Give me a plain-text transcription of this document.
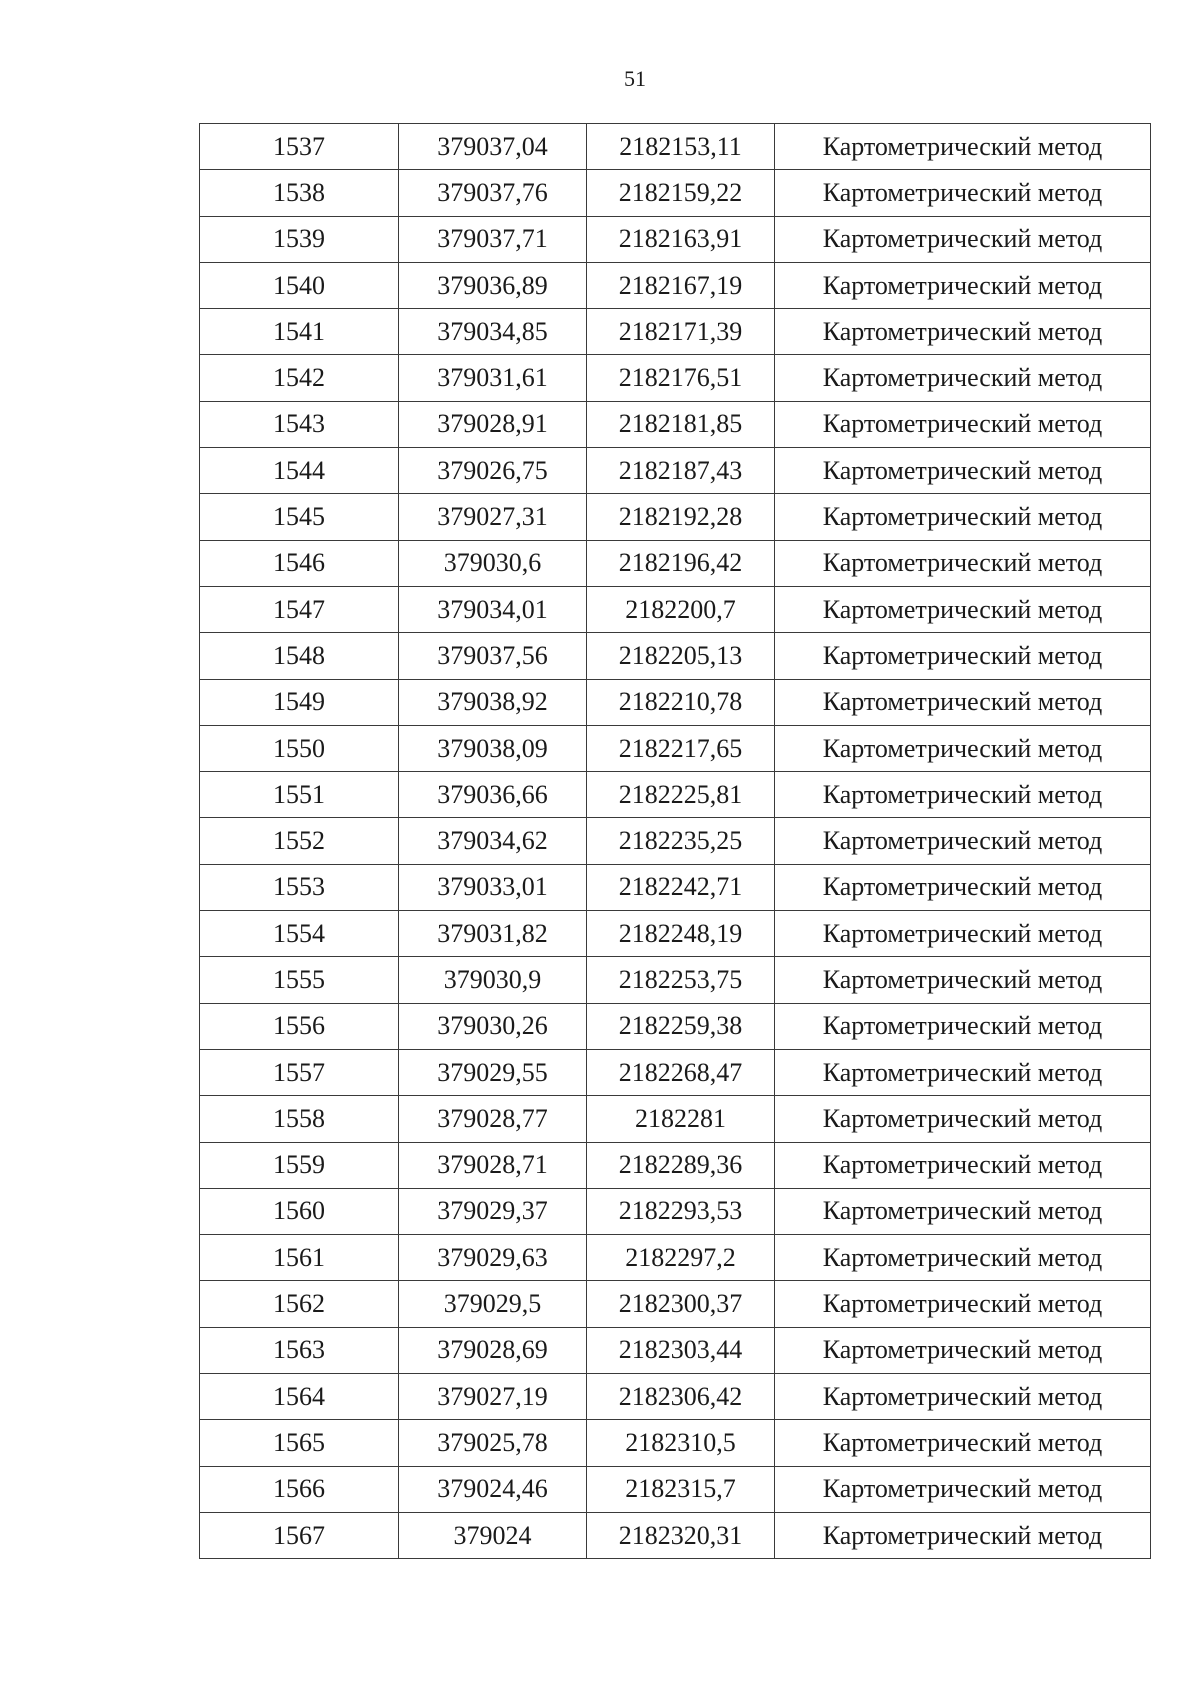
51
1537	379037,04	2182153,11	Картометрический метод
1538	379037,76	2182159,22	Картометрический метод
1539	379037,71	2182163,91	Картометрический метод
1540	379036,89	2182167,19	Картометрический метод
1541	379034,85	2182171,39	Картометрический метод
1542	379031,61	2182176,51	Картометрический метод
1543	379028,91	2182181,85	Картометрический метод
1544	379026,75	2182187,43	Картометрический метод
1545	379027,31	2182192,28	Картометрический метод
1546	379030,6	2182196,42	Картометрический метод
1547	379034,01	2182200,7	Картометрический метод
1548	379037,56	2182205,13	Картометрический метод
1549	379038,92	2182210,78	Картометрический метод
1550	379038,09	2182217,65	Картометрический метод
1551	379036,66	2182225,81	Картометрический метод
1552	379034,62	2182235,25	Картометрический метод
1553	379033,01	2182242,71	Картометрический метод
1554	379031,82	2182248,19	Картометрический метод
1555	379030,9	2182253,75	Картометрический метод
1556	379030,26	2182259,38	Картометрический метод
1557	379029,55	2182268,47	Картометрический метод
1558	379028,77	2182281	Картометрический метод
1559	379028,71	2182289,36	Картометрический метод
1560	379029,37	2182293,53	Картометрический метод
1561	379029,63	2182297,2	Картометрический метод
1562	379029,5	2182300,37	Картометрический метод
1563	379028,69	2182303,44	Картометрический метод
1564	379027,19	2182306,42	Картометрический метод
1565	379025,78	2182310,5	Картометрический метод
1566	379024,46	2182315,7	Картометрический метод
1567	379024	2182320,31	Картометрический метод
